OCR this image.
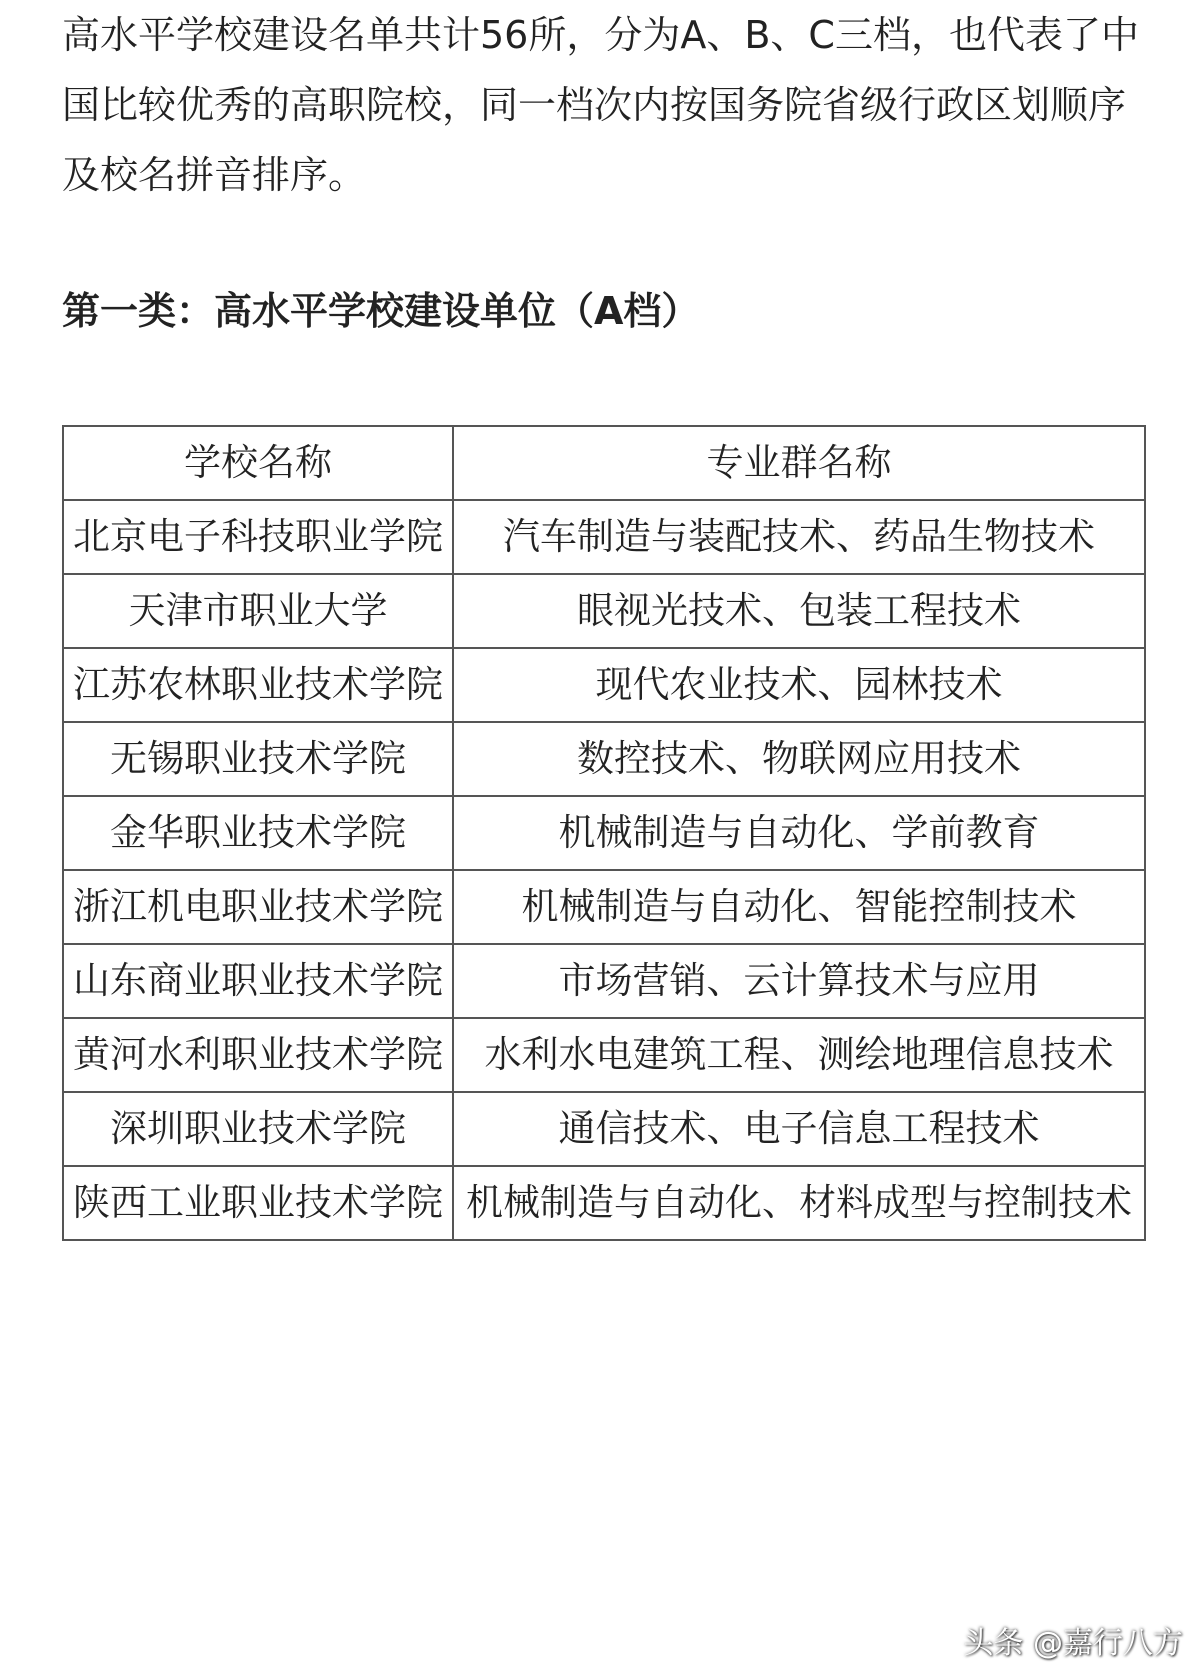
高水平学校建设名单共计56所，分为A、B、C三档，也代表了中国比较优秀的高职院校，同一档次内按国务院省级行政区划顺序及校名拼音排序。

第一类：高水平学校建设单位（A档）
学校名称	专业群名称
北京电子科技职业学院	汽车制造与装配技术、药品生物技术
天津市职业大学	眼视光技术、包装工程技术
江苏农林职业技术学院	现代农业技术、园林技术
无锡职业技术学院	数控技术、物联网应用技术
金华职业技术学院	机械制造与自动化、学前教育
浙江机电职业技术学院	机械制造与自动化、智能控制技术
山东商业职业技术学院	市场营销、云计算技术与应用
黄河水利职业技术学院	水利水电建筑工程、测绘地理信息技术
深圳职业技术学院	通信技术、电子信息工程技术
陕西工业职业技术学院	机械制造与自动化、材料成型与控制技术
头条 @嘉行八方
